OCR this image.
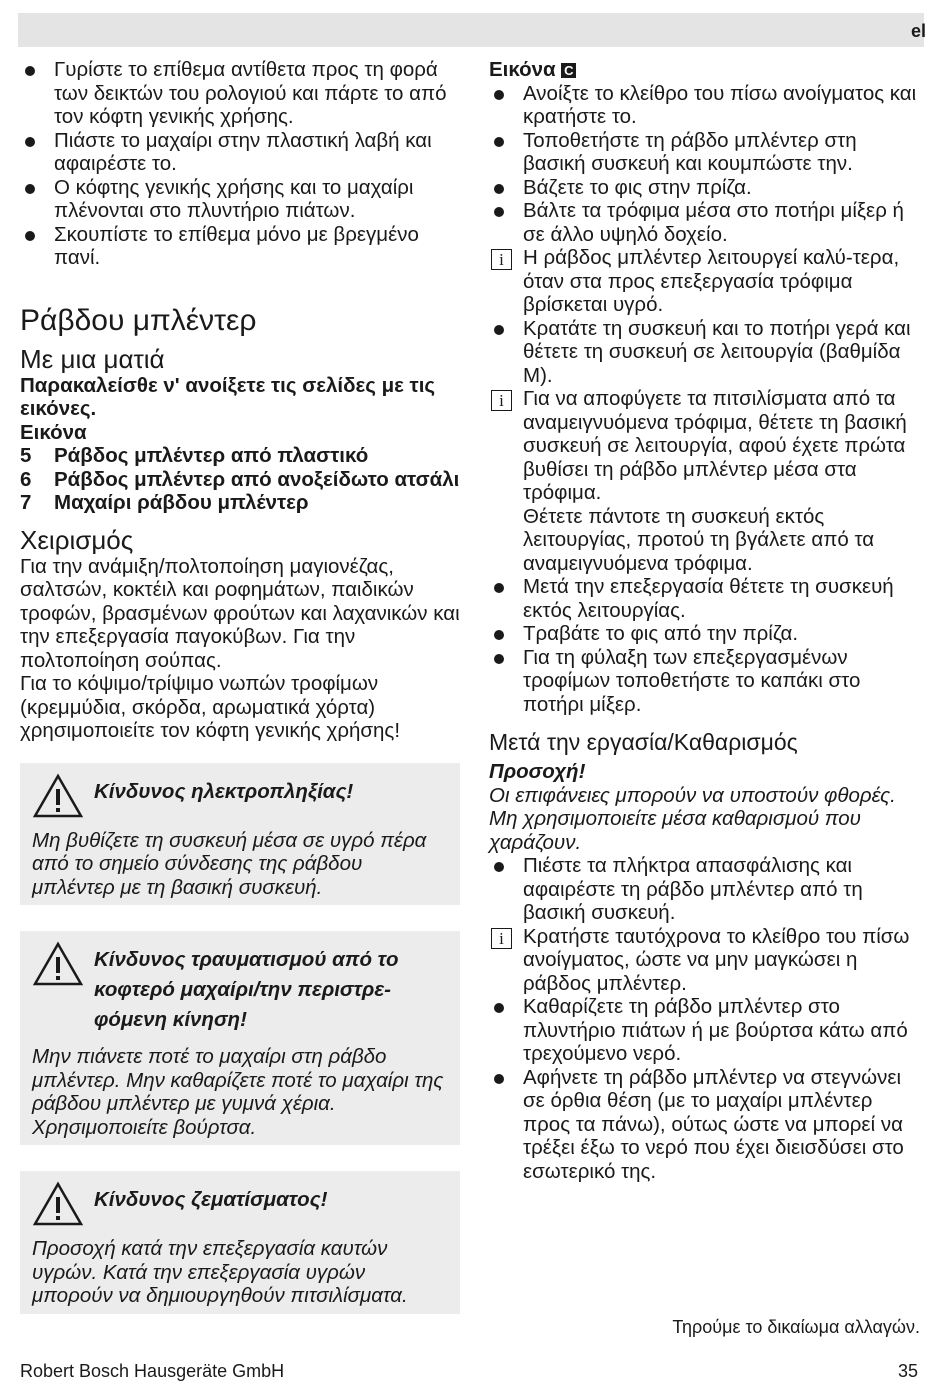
el
Γυρίστε το επίθεμα αντίθετα προς τη φορά των δεικτών του ρολογιού και πάρτε το από τον κόφτη γενικής χρήσης.
Πιάστε το μαχαίρι στην πλαστική λαβή και αφαιρέστε το.
Ο κόφτης γενικής χρήσης και το μαχαίρι πλένονται στο πλυντήριο πιάτων.
Σκουπίστε το επίθεμα μόνο με βρεγμένο πανί.
Ράβδου μπλέντερ
Με μια ματιά
Παρακαλείσθε ν' ανοίξετε τις σελίδες με τις εικόνες.
Εικόνα
5 Ράβδος μπλέντερ από πλαστικό
6 Ράβδος μπλέντερ από ανοξείδωτο ατσάλι
7 Μαχαίρι ράβδου μπλέντερ
Χειρισμός
Για την ανάμιξη/πολτοποίηση μαγιονέζας, σαλτσών, κοκτέιλ και ροφημάτων, παιδικών τροφών, βρασμένων φρούτων και λαχανικών και την επεξεργασία παγοκύβων. Για την πολτοποίηση σούπας.
Για το κόψιμο/τρίψιμο νωπών τροφίμων (κρεμμύδια, σκόρδα, αρωματικά χόρτα) χρησιμοποιείτε τον κόφτη γενικής χρήσης!
Κίνδυνος ηλεκτροπληξίας!
Μη βυθίζετε τη συσκευή μέσα σε υγρό πέρα από το σημείο σύνδεσης της ράβδου μπλέντερ με τη βασική συσκευή.
Κίνδυνος τραυματισμού από το κοφτερό μαχαίρι/την περιστρε-φόμενη κίνηση!
Μην πιάνετε ποτέ το μαχαίρι στη ράβδο μπλέντερ. Μην καθαρίζετε ποτέ το μαχαίρι της ράβδου μπλέντερ με γυμνά χέρια. Χρησιμοποιείτε βούρτσα.
Κίνδυνος ζεματίσματος!
Προσοχή κατά την επεξεργασία καυτών υγρών. Κατά την επεξεργασία υγρών μπορούν να δημιουργηθούν πιτσιλίσματα.
Εικόνα C
Ανοίξτε το κλείθρο του πίσω ανοίγματος και κρατήστε το.
Τοποθετήστε τη ράβδο μπλέντερ στη βασική συσκευή και κουμπώστε την.
Βάζετε το φις στην πρίζα.
Βάλτε τα τρόφιμα μέσα στο ποτήρι μίξερ ή σε άλλο υψηλό δοχείο.
i Η ράβδος μπλέντερ λειτουργεί καλύ-τερα, όταν στα προς επεξεργασία τρόφιμα βρίσκεται υγρό.
Κρατάτε τη συσκευή και το ποτήρι γερά και θέτετε τη συσκευή σε λειτουργία (βαθμίδα M).
i Για να αποφύγετε τα πιτσιλίσματα από τα αναμειγνυόμενα τρόφιμα, θέτετε τη βασική συσκευή σε λειτουργία, αφού έχετε πρώτα βυθίσει τη ράβδο μπλέντερ μέσα στα τρόφιμα.
Θέτετε πάντοτε τη συσκευή εκτός λειτουργίας, προτού τη βγάλετε από τα αναμειγνυόμενα τρόφιμα.
Μετά την επεξεργασία θέτετε τη συσκευή εκτός λειτουργίας.
Τραβάτε το φις από την πρίζα.
Για τη φύλαξη των επεξεργασμένων τροφίμων τοποθετήστε το καπάκι στο ποτήρι μίξερ.
Μετά την εργασία/Καθαρισμός
Προσοχή!
Οι επιφάνειες μπορούν να υποστούν φθορές. Μη χρησιμοποιείτε μέσα καθαρισμού που χαράζουν.
Πιέστε τα πλήκτρα απασφάλισης και αφαιρέστε τη ράβδο μπλέντερ από τη βασική συσκευή.
i Κρατήστε ταυτόχρονα το κλείθρο του πίσω ανοίγματος, ώστε να μην μαγκώσει η ράβδος μπλέντερ.
Καθαρίζετε τη ράβδο μπλέντερ στο πλυντήριο πιάτων ή με βούρτσα κάτω από τρεχούμενο νερό.
Αφήνετε τη ράβδο μπλέντερ να στεγνώνει σε όρθια θέση (με το μαχαίρι μπλέντερ προς τα πάνω), ούτως ώστε να μπορεί να τρέξει έξω το νερό που έχει διεισδύσει στο εσωτερικό της.
Τηρούμε το δικαίωμα αλλαγών.
Robert Bosch Hausgeräte GmbH	35
